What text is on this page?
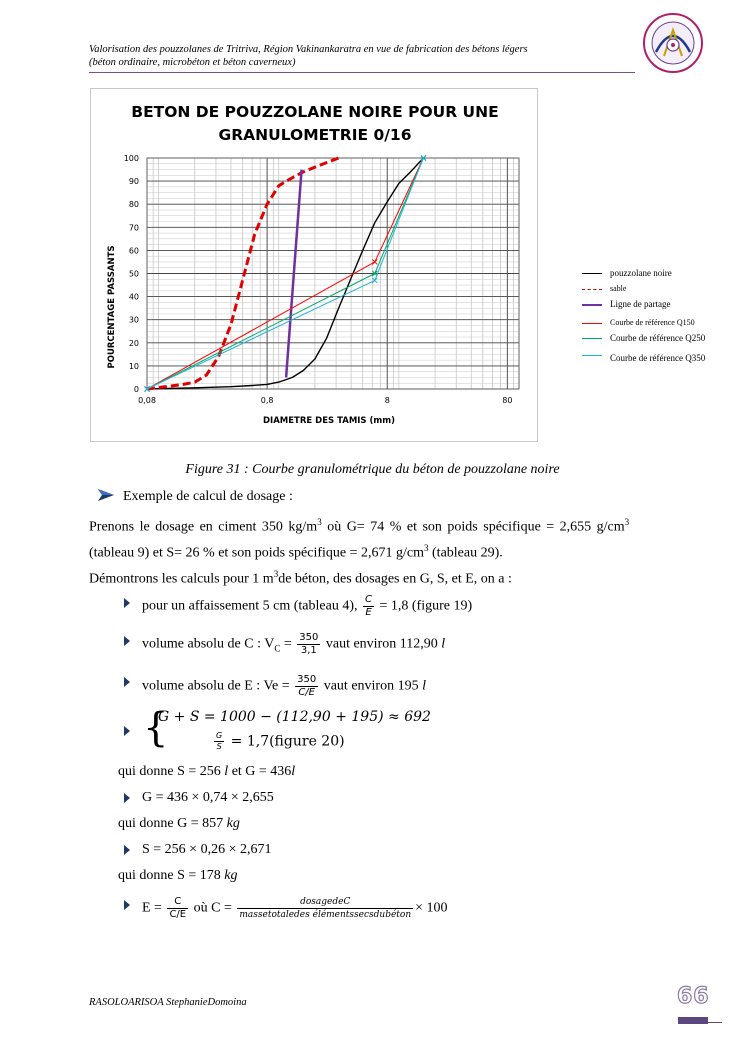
Valorisation des pouzzolanes de Tritriva, Région Vakinankaratra en vue de fabrication des bétons légers
(béton ordinaire, microbéton et béton caverneux)
BETON DE POUZZOLANE NOIRE POUR UNE
GRANULOMETRIE 0/16
0
10
20
30
40
50
60
70
80
90
100
0,08	0,8	8	80
POURCENTAGE PASSANTS
DIAMETRE DES TAMIS (mm)
pouzzolane noire
sable
Ligne de partage
Courbe de référence Q150
Courbe de référence Q250
Courbe de référence Q350
Figure 31 : Courbe granulométrique du béton de pouzzolane noire
Exemple de calcul de dosage :
Prenons le dosage en ciment 350 $kg/m^3$ où G= 74 % et son poids spécifique = 2,655 $g/cm^3$
(tableau 9) et S= 26 % et son poids spécifique = 2,671 $g/cm^3$ (tableau 29).
Démontrons les calculs pour 1 $m^3de$ béton, des dosages en G, S, et E, on a :
pour un affaissement 5 cm (tableau 4), $\frac{C}{E} = 1,8$ (figure 19)
volume absolu de C : $V_C = \frac{350}{3,1}$ vaut environ 112,90 l
volume absolu de E : $Ve = \frac{350}{C/E}$ vaut environ 195 l
{
G + S = 1000 − (112,90 + 195) ≈ 692
$\frac{G}{S}$ = 1,7(figure 20)
qui donne S = 256 l et G = 436l
G = 436 × 0,74 × 2,655
qui donne G = 857 kg
S = 256 × 0,26 × 2,671
qui donne S = 178 kg
$E = \frac{C}{C/E}$ où $C = \frac{\text{dosagedeC}}{\text{massetotaledes élémentssecsdubéton}} \times 100$
RASOLOARISOA StephanieDomoina	66
